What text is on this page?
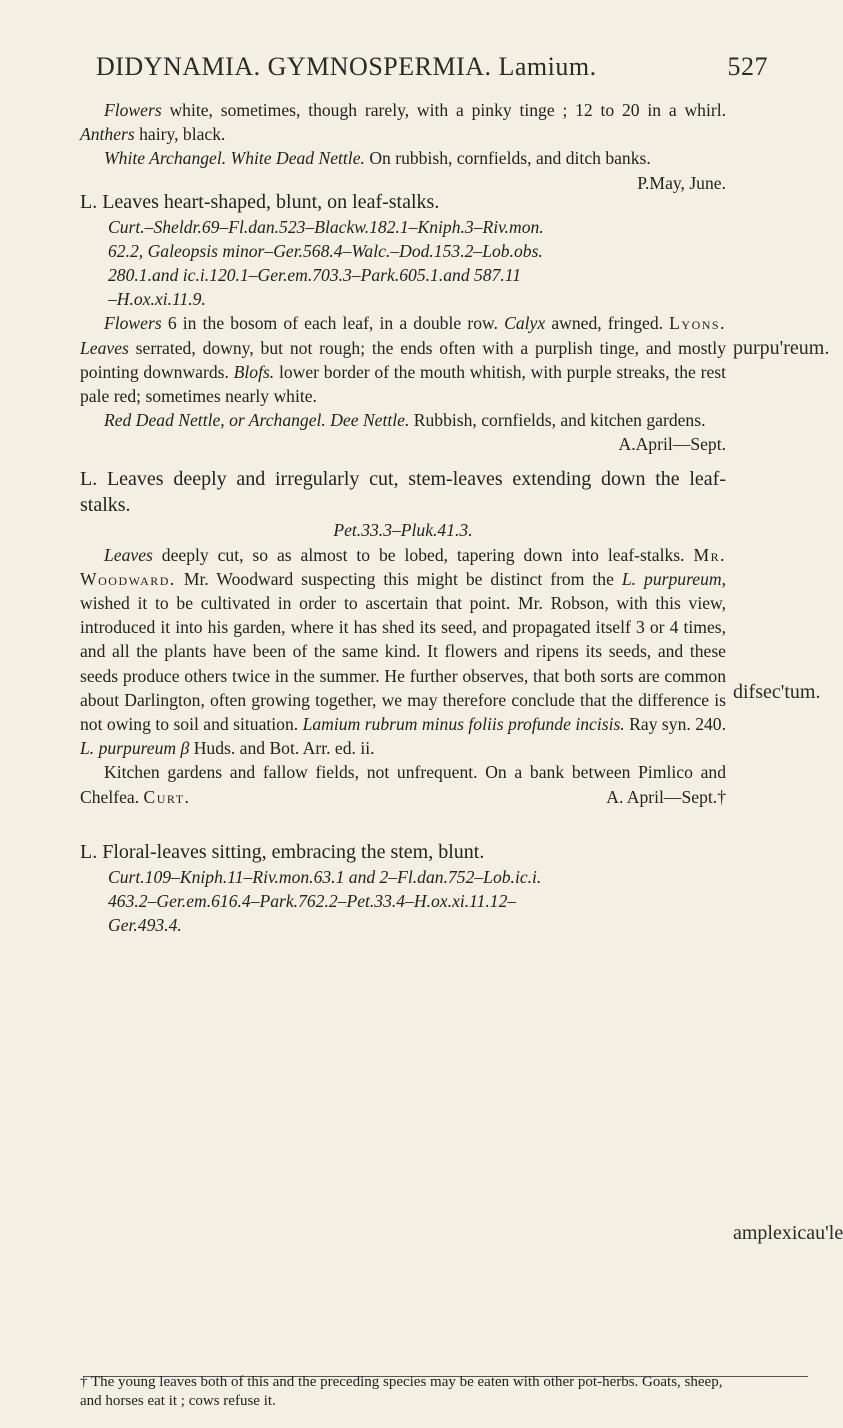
DIDYNAMIA. GYMNOSPERMIA. Lamium.	527
purpu'reum.
difsec'tum.
amplexicau'le

Flowers white, sometimes, though rarely, with a pinky tinge ; 12 to 20 in a whirl. Anthers hairy, black.

White Archangel. White Dead Nettle. On rubbish, cornfields, and ditch banks.
P.May, June.

L. Leaves heart-shaped, blunt, on leaf-stalks.

Curt.–Sheldr.69–Fl.dan.523–Blackw.182.1–Kniph.3–Riv.mon.

62.2, Galeopsis minor–Ger.568.4–Walc.–Dod.153.2–Lob.obs.

280.1.and ic.i.120.1–Ger.em.703.3–Park.605.1.and 587.11

–H.ox.xi.11.9.

Flowers 6 in the bosom of each leaf, in a double row. Calyx awned, fringed. Lyons. Leaves serrated, downy, but not rough; the ends often with a purplish tinge, and mostly pointing downwards. Blofs. lower border of the mouth whitish, with purple streaks, the rest pale red; sometimes nearly white.

Red Dead Nettle, or Archangel. Dee Nettle. Rubbish, cornfields, and kitchen gardens.
A.April—Sept.

L. Leaves deeply and irregularly cut, stem-leaves extending down the leaf-stalks.

Pet.33.3–Pluk.41.3.

Leaves deeply cut, so as almost to be lobed, tapering down into leaf-stalks. Mr. Woodward. Mr. Woodward suspecting this might be distinct from the L. purpureum, wished it to be cultivated in order to ascertain that point. Mr. Robson, with this view, introduced it into his garden, where it has shed its seed, and propagated itself 3 or 4 times, and all the plants have been of the same kind. It flowers and ripens its seeds, and these seeds produce others twice in the summer. He further observes, that both sorts are common about Darlington, often growing together, we may therefore conclude that the difference is not owing to soil and situation. Lamium rubrum minus foliis profunde incisis. Ray syn. 240. L. purpureum β Huds. and Bot. Arr. ed. ii.

Kitchen gardens and fallow fields, not unfrequent. On a bank between Pimlico and Chelfea. Curt.	A. April—Sept.†

L. Floral-leaves sitting, embracing the stem, blunt.

Curt.109–Kniph.11–Riv.mon.63.1 and 2–Fl.dan.752–Lob.ic.i.

463.2–Ger.em.616.4–Park.762.2–Pet.33.4–H.ox.xi.11.12–

Ger.493.4.

† The young leaves both of this and the preceding species may be eaten with other pot-herbs. Goats, sheep, and horses eat it ; cows refuse it.
